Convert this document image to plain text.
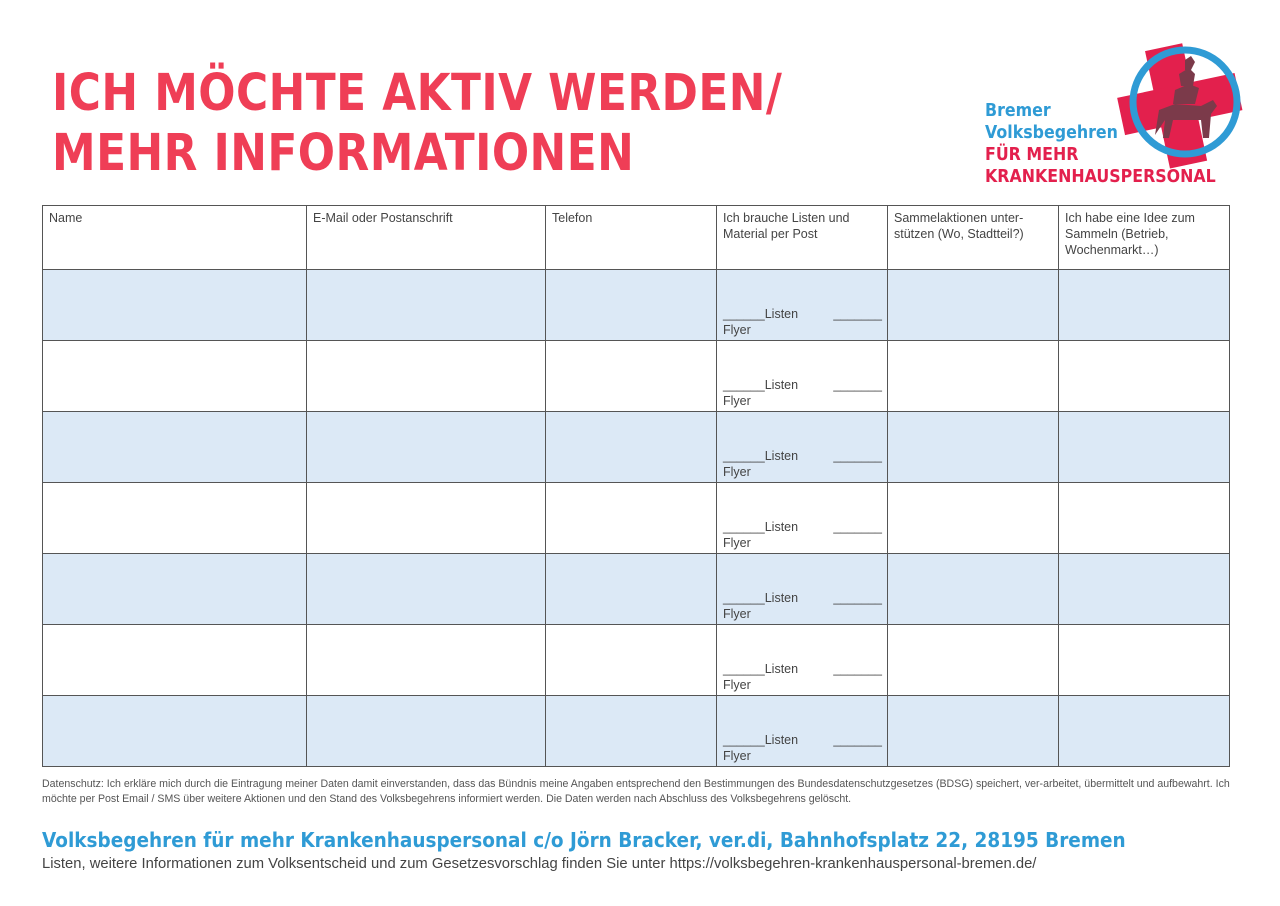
ICH MÖCHTE AKTIV WERDEN/
MEHR INFORMATIONEN
Bremer
Volksbegehren
FÜR MEHR
KRANKENHAUSPERSONAL
Name	E-Mail oder Postanschrift	Telefon	Ich brauche Listen und Material per Post	Sammelaktionen unter-stützen (Wo, Stadtteil?)	Ich habe eine Idee zum Sammeln (Betrieb, Wochenmarkt…)

			______Listen _______
Flyer		

			______Listen _______
Flyer		

			______Listen _______
Flyer		

			______Listen _______
Flyer		

			______Listen _______
Flyer		

			______Listen _______
Flyer		

			______Listen _______
Flyer		

Datenschutz: Ich erkläre mich durch die Eintragung meiner Daten damit einverstanden, dass das Bündnis meine Angaben entsprechend den Bestimmungen des Bundesdatenschutzgesetzes (BDSG) speichert, ver-arbeitet, übermittelt und aufbewahrt. Ich möchte per Post Email / SMS über weitere Aktionen und den Stand des Volksbegehrens informiert werden. Die Daten werden nach Abschluss des Volksbegehrens gelöscht.

Volksbegehren für mehr Krankenhauspersonal c/o Jörn Bracker, ver.di, Bahnhofsplatz 22, 28195 Bremen

Listen, weitere Informationen zum Volksentscheid und zum Gesetzesvorschlag finden Sie unter https://volksbegehren-krankenhauspersonal-bremen.de/
